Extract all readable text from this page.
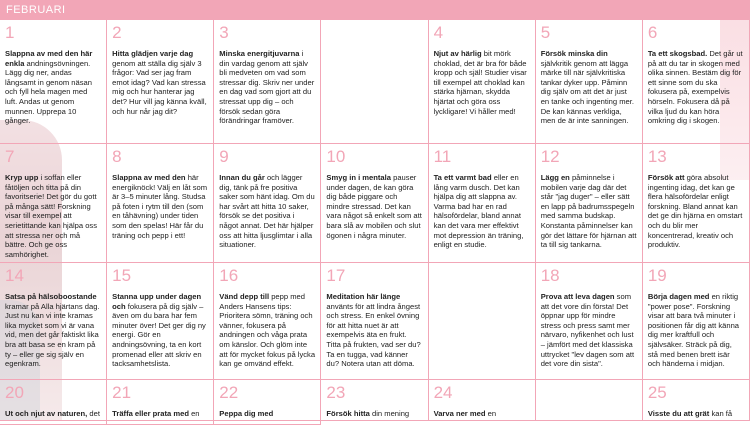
FEBRUARI
1
Slappna av med den här enkla andningsövningen. Lägg dig ner, andas långsamt in genom näsan och fyll hela magen med luft. Andas ut genom munnen. Upprepa 10 gånger.
2
Hitta glädjen varje dag genom att ställa dig själv 3 frågor: Vad ser jag fram emot idag? Vad kan stressa mig och hur hanterar jag det? Hur vill jag känna kväll, och hur når jag dit?
3
Minska energitjuvarna i din vardag genom att själv bli medveten om vad som stressar dig. Skriv ner under en dag vad som gjort att du stressat upp dig – och försök sedan göra förändringar framöver.
4
Njut av härlig bit mörk choklad, det är bra för både kropp och själ! Studier visar till exempel att choklad kan stärka hjärnan, skydda hjärtat och göra oss lyckligare! Vi håller med!
5
Försök minska din självkritik genom att lägga märke till när självkritiska tankar dyker upp. Påminn dig själv om att det är just en tanke och ingenting mer. De kan kännas verkliga, men de är inte sanningen.
6
Ta ett skogsbad. Det går ut på att du tar in skogen med olika sinnen. Bestäm dig för ett sinne som du ska fokusera på, exempelvis hörseln. Fokusera då på vilka ljud du kan höra omkring dig i skogen.
7
Kryp upp i soffan eller fåtöljen och titta på din favoritserie! Det gör du gott på många sätt! Forskning visar till exempel att serietittande kan hjälpa oss att stressa ner och må bättre. Och ge oss samhörighet.
8
Slappna av med den här energiknöck! Välj en låt som är 3–5 minuter lång. Studsa på foten i rytm till den (som en tåhävning) under tiden som den spelas! Här får du träning och pepp i ett!
9
Innan du går och lägger dig, tänk på fre positiva saker som hänt idag. Om du har svårt att hitta 10 saker, försök se det positiva i något annat. Det här hjälper oss att hitta ljusglimtar i alla situationer.
10
Smyg in i mentala pauser under dagen, de kan göra dig både piggare och mindre stressad. Det kan vara något så enkelt som att bara slå av mobilen och slut ögonen i några minuter.
11
Ta ett varmt bad eller en lång varm dusch. Det kan hjälpa dig att slappna av. Varma bad har en rad hälsofördelar, bland annat kan det vara mer effektivt mot depression än träning, enligt en studie.
12
Lägg en påminnelse i mobilen varje dag där det står "jag duger" – eller sätt en lapp på badrumsspegeln med samma budskap. Konstanta påminnelser kan gör det lättare för hjärnan att ta till sig tankarna.
13
Försök att göra absolut ingenting idag, det kan ge flera hälsofördelar enligt forskning. Bland annat kan det ge din hjärna en omstart och du blir mer koncentrerad, kreativ och produktiv.
14
Satsa på hälsoboostande kramar på Alla hjärtans dag. Just nu kan vi inte kramas lika mycket som vi är vana vid, men det går faktiskt lika bra att basa se en kram på ty – eller ge sig själv en egenkram.
15
Stanna upp under dagen och fokusera på dig själv – även om du bara har fem minuter över! Det ger dig ny energi. Gör en andningsövning, ta en kort promenad eller att skriv en tacksamhetslista.
16
Vänd depp till pepp med Anders Hansens tips: Prioritera sömn, träning och vänner, fokusera på andningen och våga prata om känslor. Och glöm inte att för mycket fokus på lycka kan ge omvänd effekt.
17
Meditation här länge använts för att lindra ångest och stress. En enkel övning för att hitta nuet är att exempelvis äta en frukt. Titta på frukten, vad ser du? Ta en tugga, vad känner du? Notera utan att döma.
18
Prova att leva dagen som att det vore din första! Det öppnar upp för mindre stress och press samt mer närvaro, nyfikenhet och lust – jämfört med det klassiska uttrycket "lev dagen som att det vore din sista".
19
Börja dagen med en riktig "power pose". Forskning visar att bara två minuter i positionen får dig att känna dig mer kraftfull och självsäker. Sträck på dig, stå med benen brett isär och händerna i midjan.
20
Ut och njut av naturen, det
21
Träffa eller prata med en
22
Peppa dig med
23
Försök hitta din mening
24
Varva ner med en
25
Visste du att grät kan få
